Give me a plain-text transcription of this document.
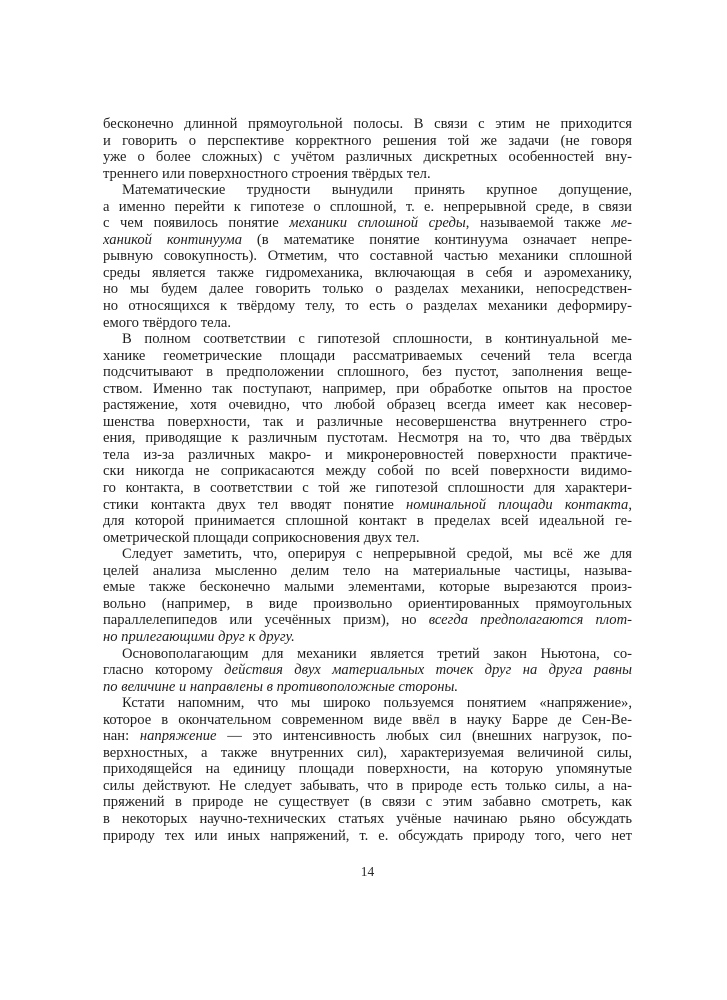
бесконечно длинной прямоугольной полосы. В связи с этим не приходится
и говорить о перспективе корректного решения той же задачи (не говоря
уже о более сложных) с учётом различных дискретных особенностей вну-
треннего или поверхностного строения твёрдых тел.
Математические трудности вынудили принять крупное допущение,
а именно перейти к гипотезе о сплошной, т. е. непрерывной среде, в связи
с чем появилось понятие механики сплошной среды, называемой также ме-
ханикой континуума (в математике понятие континуума означает непре-
рывную совокупность). Отметим, что составной частью механики сплошной
среды является также гидромеханика, включающая в себя и аэромеханику,
но мы будем далее говорить только о разделах механики, непосредствен-
но относящихся к твёрдому телу, то есть о разделах механики деформиру-
емого твёрдого тела.
В полном соответствии с гипотезой сплошности, в континуальной ме-
ханике геометрические площади рассматриваемых сечений тела всегда
подсчитывают в предположении сплошного, без пустот, заполнения веще-
ством. Именно так поступают, например, при обработке опытов на простое
растяжение, хотя очевидно, что любой образец всегда имеет как несовер-
шенства поверхности, так и различные несовершенства внутреннего стро-
ения, приводящие к различным пустотам. Несмотря на то, что два твёрдых
тела из-за различных макро- и микронеровностей поверхности практиче-
ски никогда не соприкасаются между собой по всей поверхности видимо-
го контакта, в соответствии с той же гипотезой сплошности для характери-
стики контакта двух тел вводят понятие номинальной площади контакта,
для которой принимается сплошной контакт в пределах всей идеальной ге-
ометрической площади соприкосновения двух тел.
Следует заметить, что, оперируя с непрерывной средой, мы всё же для
целей анализа мысленно делим тело на материальные частицы, называ-
емые также бесконечно малыми элементами, которые вырезаются произ-
вольно (например, в виде произвольно ориентированных прямоугольных
параллелепипедов или усечённых призм), но всегда предполагаются плот-
но прилегающими друг к другу.
Основополагающим для механики является третий закон Ньютона, со-
гласно которому действия двух материальных точек друг на друга равны
по величине и направлены в противоположные стороны.
Кстати напомним, что мы широко пользуемся понятием «напряжение»,
которое в окончательном современном виде ввёл в науку Барре де Сен-Ве-
нан: напряжение — это интенсивность любых сил (внешних нагрузок, по-
верхностных, а также внутренних сил), характеризуемая величиной силы,
приходящейся на единицу площади поверхности, на которую упомянутые
силы действуют. Не следует забывать, что в природе есть только силы, а на-
пряжений в природе не существует (в связи с этим забавно смотреть, как
в некоторых научно-технических статьях учёные начинаю рьяно обсуждать
природу тех или иных напряжений, т. е. обсуждать природу того, чего нет
14
